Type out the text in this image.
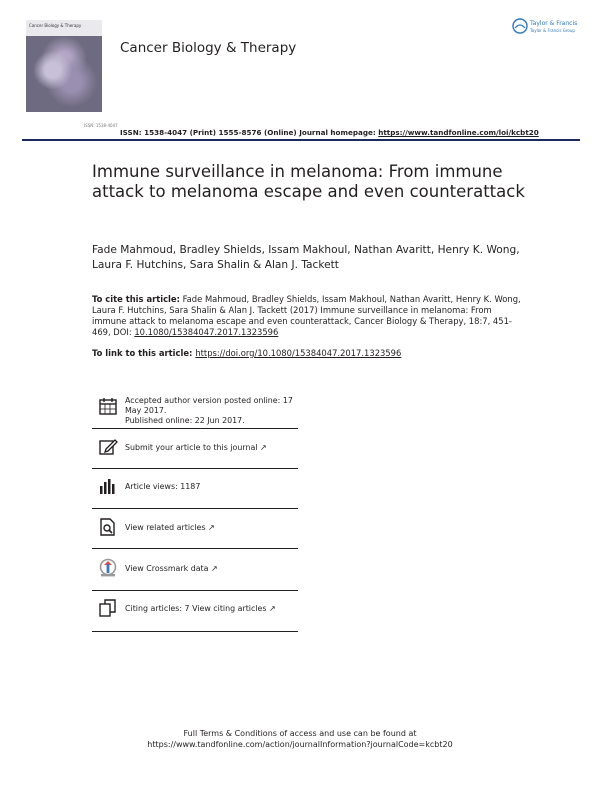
Cancer Biology & Therapy
ISSN: 1538-4047
Cancer Biology & Therapy
Taylor & Francis
Taylor & Francis Group
ISSN: 1538-4047 (Print) 1555-8576 (Online) Journal homepage: https://www.tandfonline.com/loi/kcbt20
Immune surveillance in melanoma: From immune attack to melanoma escape and even counterattack
Fade Mahmoud, Bradley Shields, Issam Makhoul, Nathan Avaritt, Henry K. Wong, Laura F. Hutchins, Sara Shalin & Alan J. Tackett
To cite this article: Fade Mahmoud, Bradley Shields, Issam Makhoul, Nathan Avaritt, Henry K. Wong, Laura F. Hutchins, Sara Shalin & Alan J. Tackett (2017) Immune surveillance in melanoma: From immune attack to melanoma escape and even counterattack, Cancer Biology & Therapy, 18:7, 451-469, DOI: 10.1080/15384047.2017.1323596
To link to this article: https://doi.org/10.1080/15384047.2017.1323596
Accepted author version posted online: 17 May 2017.
Published online: 22 Jun 2017.
Submit your article to this journal ↗
Article views: 1187
View related articles ↗
View Crossmark data ↗
Citing articles: 7 View citing articles ↗
Full Terms & Conditions of access and use can be found at
https://www.tandfonline.com/action/journalInformation?journalCode=kcbt20
